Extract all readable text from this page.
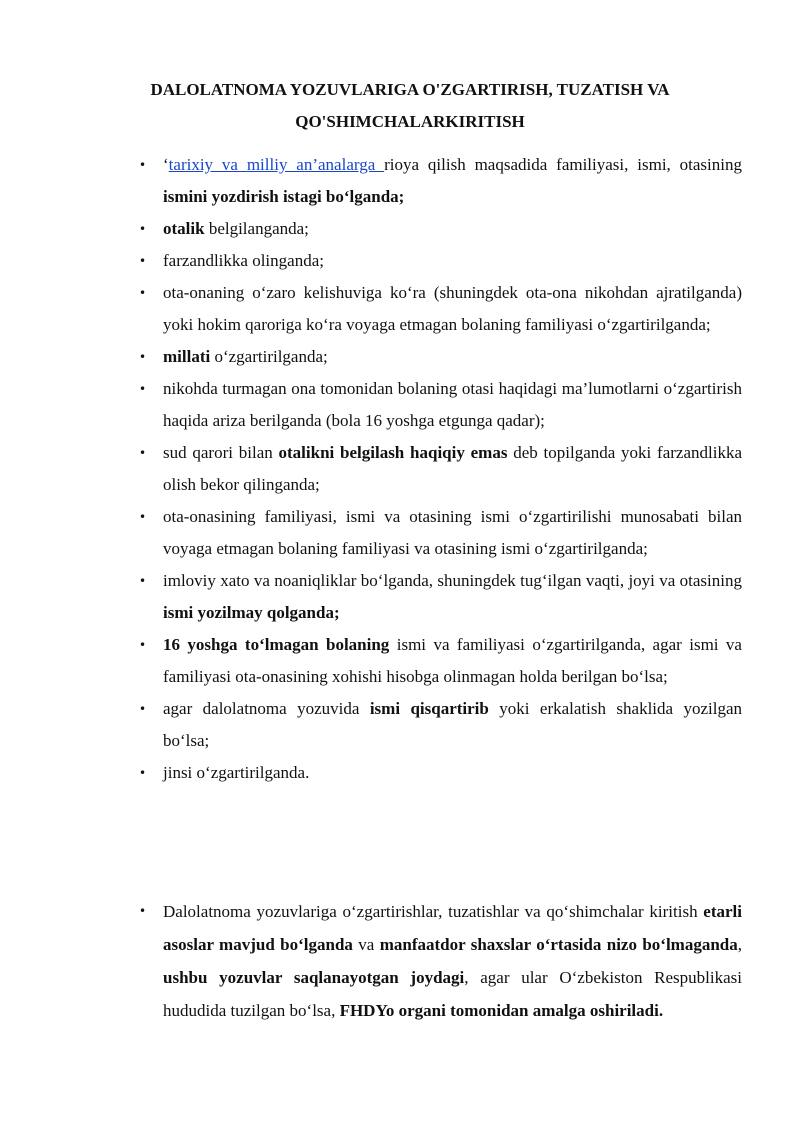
DALOLATNOMA YOZUVLARIGA O'ZGARTIRISH, TUZATISH VA QO'SHIMCHALARKIRITISH
• ʻtarixiy va milliy an’analarga rioya qilish maqsadida familiyasi, ismi, otasining ismini yozdirish istagi boʻlganda;
• otalik belgilanganda;
• farzandlikka olinganda;
• ota-onaning oʻzaro kelishuviga koʻra (shuningdek ota-ona nikohdan ajratilganda) yoki hokim qaroriga koʻra voyaga etmagan bolaning familiyasi oʻzgartirilganda;
• millati oʻzgartirilganda;
• nikohda turmagan ona tomonidan bolaning otasi haqidagi ma’lumotlarni oʻzgartirish haqida ariza berilganda (bola 16 yoshga etgunga qadar);
• sud qarori bilan otalikni belgilash haqiqiy emas deb topilganda yoki farzandlikka olish bekor qilinganda;
• ota-onasining familiyasi, ismi va otasining ismi oʻzgartirilishi munosabati bilan voyaga etmagan bolaning familiyasi va otasining ismi oʻzgartirilganda;
• imloviy xato va noaniqliklar boʻlganda, shuningdek tugʻilgan vaqti, joyi va otasining ismi yozilmay qolganda;
• 16 yoshga toʻlmagan bolaning ismi va familiyasi oʻzgartirilganda, agar ismi va familiyasi ota-onasining xohishi hisobga olinmagan holda berilgan boʻlsa;
• agar dalolatnoma yozuvida ismi qisqartirib yoki erkalatish shaklida yozilgan boʻlsa;
• jinsi oʻzgartirilganda.
• Dalolatnoma yozuvlariga oʻzgartirishlar, tuzatishlar va qoʻshimchalar kiritish etarli asoslar mavjud boʻlganda va manfaatdor shaxslar oʻrtasida nizo boʻlmaganda, ushbu yozuvlar saqlanayotgan joydagi, agar ular Oʻzbekiston Respublikasi hududida tuzilgan boʻlsa, FHDYo organi tomonidan amalga oshiriladi.
